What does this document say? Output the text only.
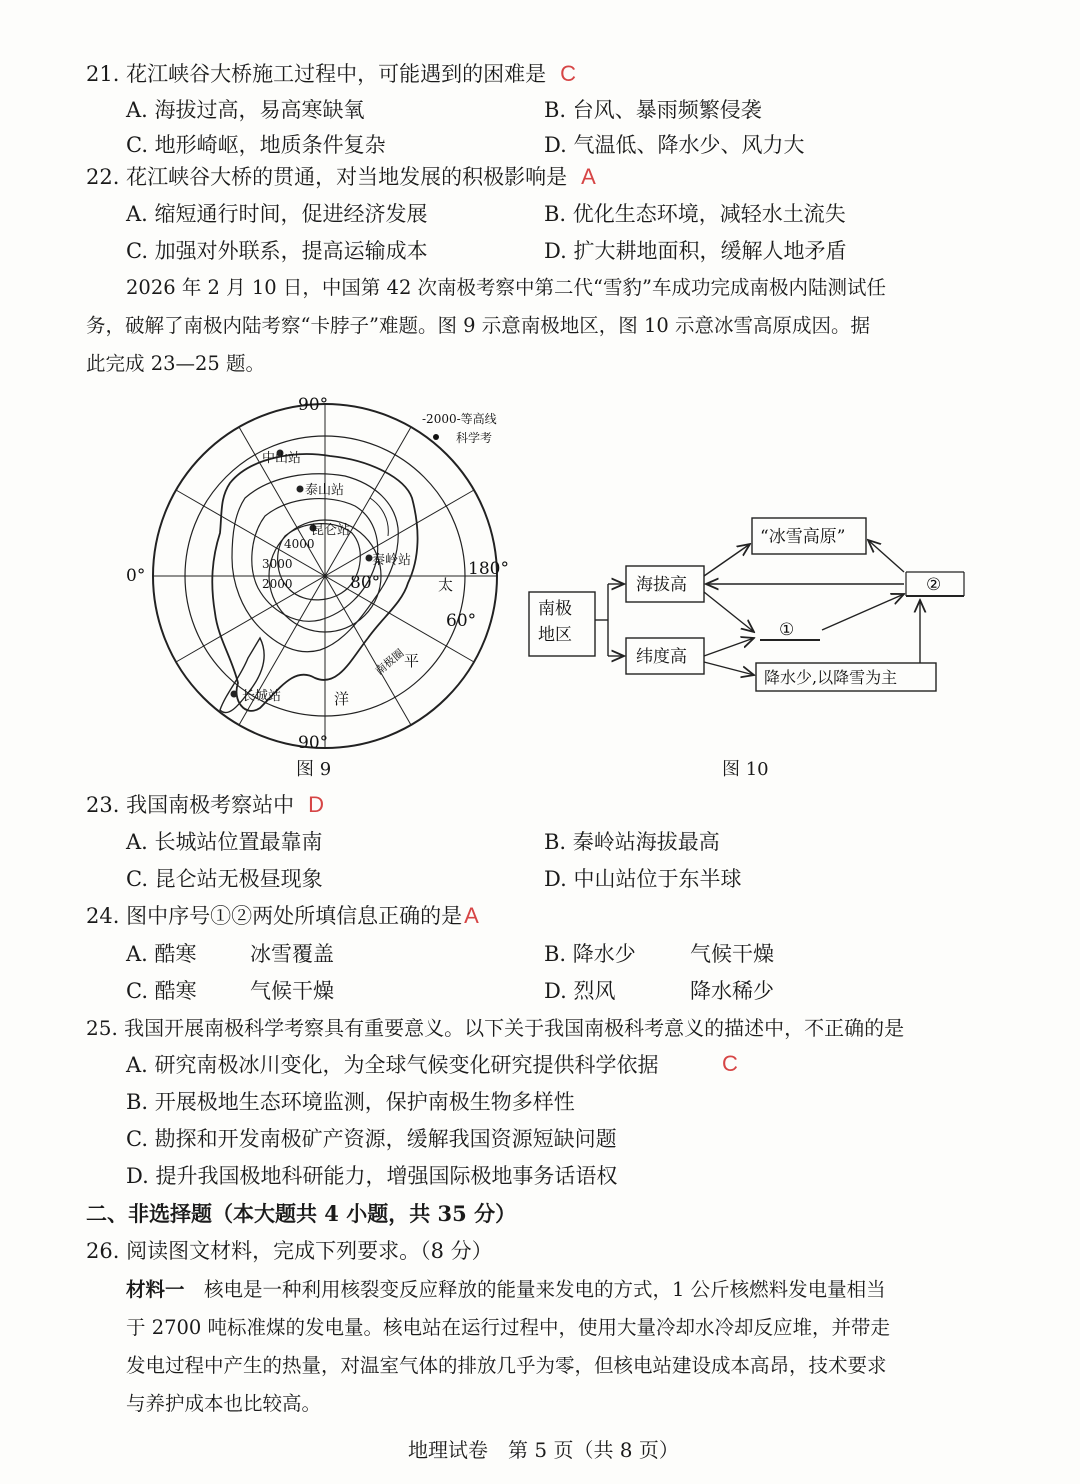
21. 花江峡谷大桥施工过程中，可能遇到的困难是 C
A. 海拔过高，易高寒缺氧	B. 台风、暴雨频繁侵袭
C. 地形崎岖，地质条件复杂	D. 气温低、降水少、风力大
22. 花江峡谷大桥的贯通，对当地发展的积极影响是 A
A. 缩短通行时间，促进经济发展	B. 优化生态环境，减轻水土流失
C. 加强对外联系，提高运输成本	D. 扩大耕地面积，缓解人地矛盾
2026 年 2 月 10 日，中国第 42 次南极考察中第二代“雪豹”车成功完成南极内陆测试任
务，破解了南极内陆考察“卡脖子”难题。图 9 示意南极地区，图 10 示意冰雪高原成因。据
此完成 23—25 题。
中山站
泰山站
昆仑站
秦岭站
长城站
4000
3000
2000
90°
90°
0°	180°
80°
60°
太
平
洋
南极圈
-2000-等高线
科学考
图 9
南极
地区
海拔高
纬度高
“冰雪高原”
①
②
降水少,以降雪为主
图 10
23. 我国南极考察站中 D
A. 长城站位置最靠南	B. 秦岭站海拔最高
C. 昆仑站无极昼现象	D. 中山站位于东半球
24. 图中序号①②两处所填信息正确的是A
A. 酷寒	冰雪覆盖	B. 降水少	气候干燥
C. 酷寒	气候干燥	D. 烈风	降水稀少
25. 我国开展南极科学考察具有重要意义。以下关于我国南极科考意义的描述中，不正确的是
A. 研究南极冰川变化，为全球气候变化研究提供科学依据	C
B. 开展极地生态环境监测，保护南极生物多样性
C. 勘探和开发南极矿产资源，缓解我国资源短缺问题
D. 提升我国极地科研能力，增强国际极地事务话语权
二、非选择题（本大题共 4 小题，共 35 分）
26. 阅读图文材料，完成下列要求。（8 分）
材料一　 核电是一种利用核裂变反应释放的能量来发电的方式，1 公斤核燃料发电量相当
于 2700 吨标准煤的发电量。核电站在运行过程中，使用大量冷却水冷却反应堆，并带走
发电过程中产生的热量，对温室气体的排放几乎为零，但核电站建设成本高昂，技术要求
与养护成本也比较高。
地理试卷　第 5 页（共 8 页）
